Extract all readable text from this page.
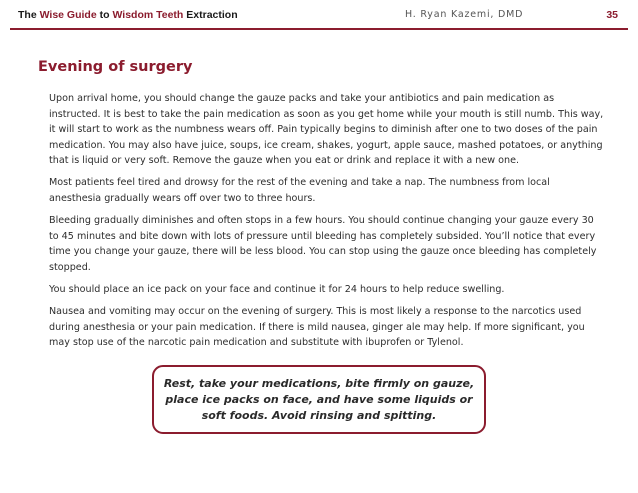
The Wise Guide to Wisdom Teeth Extraction	H. Ryan Kazemi, DMD	35
Evening of surgery

Upon arrival home, you should change the gauze packs and take your antibiotics and pain medication as instructed. It is best to take the pain medication as soon as you get home while your mouth is still numb. This way, it will start to work as the numbness wears off. Pain typically begins to diminish after one to two doses of the pain medication. You may also have juice, soups, ice cream, shakes, yogurt, apple sauce, mashed potatoes, or anything that is liquid or very soft. Remove the gauze when you eat or drink and replace it with a new one.

Most patients feel tired and drowsy for the rest of the evening and take a nap. The numbness from local anesthesia gradually wears off over two to three hours.

Bleeding gradually diminishes and often stops in a few hours. You should continue changing your gauze every 30 to 45 minutes and bite down with lots of pressure until bleeding has completely subsided. You’ll notice that every time you change your gauze, there will be less blood. You can stop using the gauze once bleeding has completely stopped.

You should place an ice pack on your face and continue it for 24 hours to help reduce swelling.

Nausea and vomiting may occur on the evening of surgery. This is most likely a response to the narcotics used during anesthesia or your pain medication. If there is mild nausea, ginger ale may help. If more significant, you may stop use of the narcotic pain medication and substitute with ibuprofen or Tylenol.

Rest, take your medications, bite firmly on gauze, place ice packs on face, and have some liquids or soft foods. Avoid rinsing and spitting.
